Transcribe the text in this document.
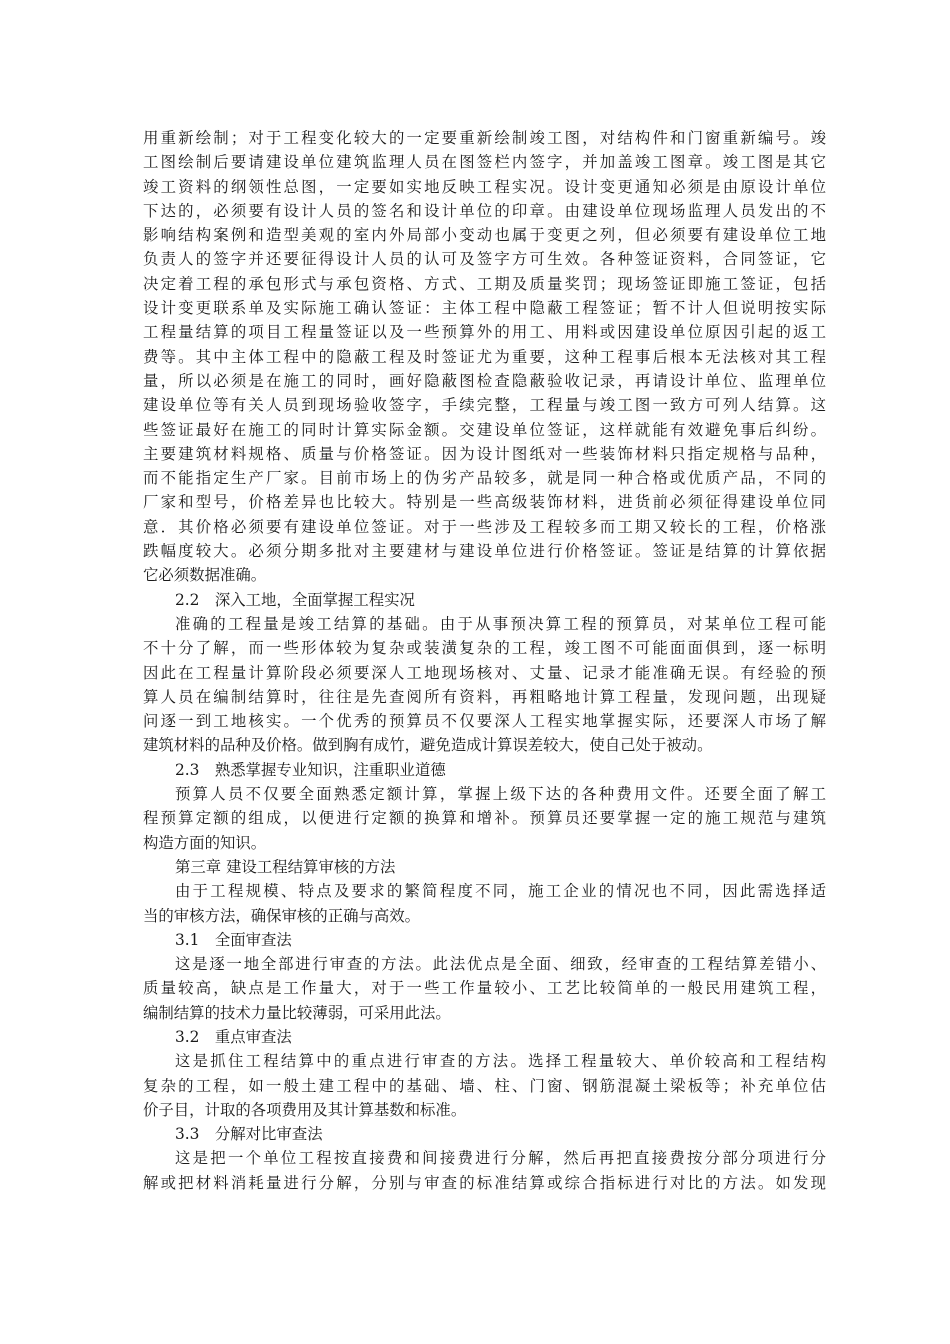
用重新绘制；对于工程变化较大的一定要重新绘制竣工图，对结构件和门窗重新编号。竣
工图绘制后要请建设单位建筑监理人员在图签栏内签字，并加盖竣工图章。竣工图是其它
竣工资料的纲领性总图，一定要如实地反映工程实况。设计变更通知必须是由原设计单位
下达的，必须要有设计人员的签名和设计单位的印章。由建设单位现场监理人员发出的不
影响结构案例和造型美观的室内外局部小变动也属于变更之列，但必须要有建设单位工地
负责人的签字并还要征得设计人员的认可及签字方可生效。各种签证资料，合同签证，它
决定着工程的承包形式与承包资格、方式、工期及质量奖罚；现场签证即施工签证，包括
设计变更联系单及实际施工确认签证：主体工程中隐蔽工程签证；暂不计人但说明按实际
工程量结算的项目工程量签证以及一些预算外的用工、用料或因建设单位原因引起的返工
费等。其中主体工程中的隐蔽工程及时签证尤为重要，这种工程事后根本无法核对其工程
量，所以必须是在施工的同时，画好隐蔽图检查隐蔽验收记录，再请设计单位、监理单位
建设单位等有关人员到现场验收签字，手续完整，工程量与竣工图一致方可列人结算。这
些签证最好在施工的同时计算实际金额。交建设单位签证，这样就能有效避免事后纠纷。
主要建筑材料规格、质量与价格签证。因为设计图纸对一些装饰材料只指定规格与品种，
而不能指定生产厂家。目前市场上的伪劣产品较多，就是同一种合格或优质产品，不同的
厂家和型号，价格差异也比较大。特别是一些高级装饰材料，进货前必须征得建设单位同
意．其价格必须要有建设单位签证。对于一些涉及工程较多而工期又较长的工程，价格涨
跌幅度较大。必须分期多批对主要建材与建设单位进行价格签证。签证是结算的计算依据
它必须数据准确。
2.2　深入工地，全面掌握工程实况
准确的工程量是竣工结算的基础。由于从事预决算工程的预算员，对某单位工程可能
不十分了解，而一些形体较为复杂或装潢复杂的工程，竣工图不可能面面俱到，逐一标明
因此在工程量计算阶段必须要深人工地现场核对、丈量、记录才能准确无误。有经验的预
算人员在编制结算时，往往是先查阅所有资料，再粗略地计算工程量，发现问题，出现疑
问逐一到工地核实。一个优秀的预算员不仅要深人工程实地掌握实际，还要深人市场了解
建筑材料的品种及价格。做到胸有成竹，避免造成计算误差较大，使自己处于被动。
2.3　熟悉掌握专业知识，注重职业道德
预算人员不仅要全面熟悉定额计算，掌握上级下达的各种费用文件。还要全面了解工
程预算定额的组成，以便进行定额的换算和增补。预算员还要掌握一定的施工规范与建筑
构造方面的知识。
第三章 建设工程结算审核的方法
由于工程规模、特点及要求的繁简程度不同，施工企业的情况也不同，因此需选择适
当的审核方法，确保审核的正确与高效。
3.1　全面审查法
这是逐一地全部进行审查的方法。此法优点是全面、细致，经审查的工程结算差错小、
质量较高，缺点是工作量大，对于一些工作量较小、工艺比较简单的一般民用建筑工程，
编制结算的技术力量比较薄弱，可采用此法。
3.2　重点审查法
这是抓住工程结算中的重点进行审查的方法。选择工程量较大、单价较高和工程结构
复杂的工程，如一般土建工程中的基础、墙、柱、门窗、钢筋混凝土梁板等；补充单位估
价子目，计取的各项费用及其计算基数和标准。
3.3　分解对比审查法
这是把一个单位工程按直接费和间接费进行分解，然后再把直接费按分部分项进行分
解或把材料消耗量进行分解，分别与审查的标准结算或综合指标进行对比的方法。如发现
